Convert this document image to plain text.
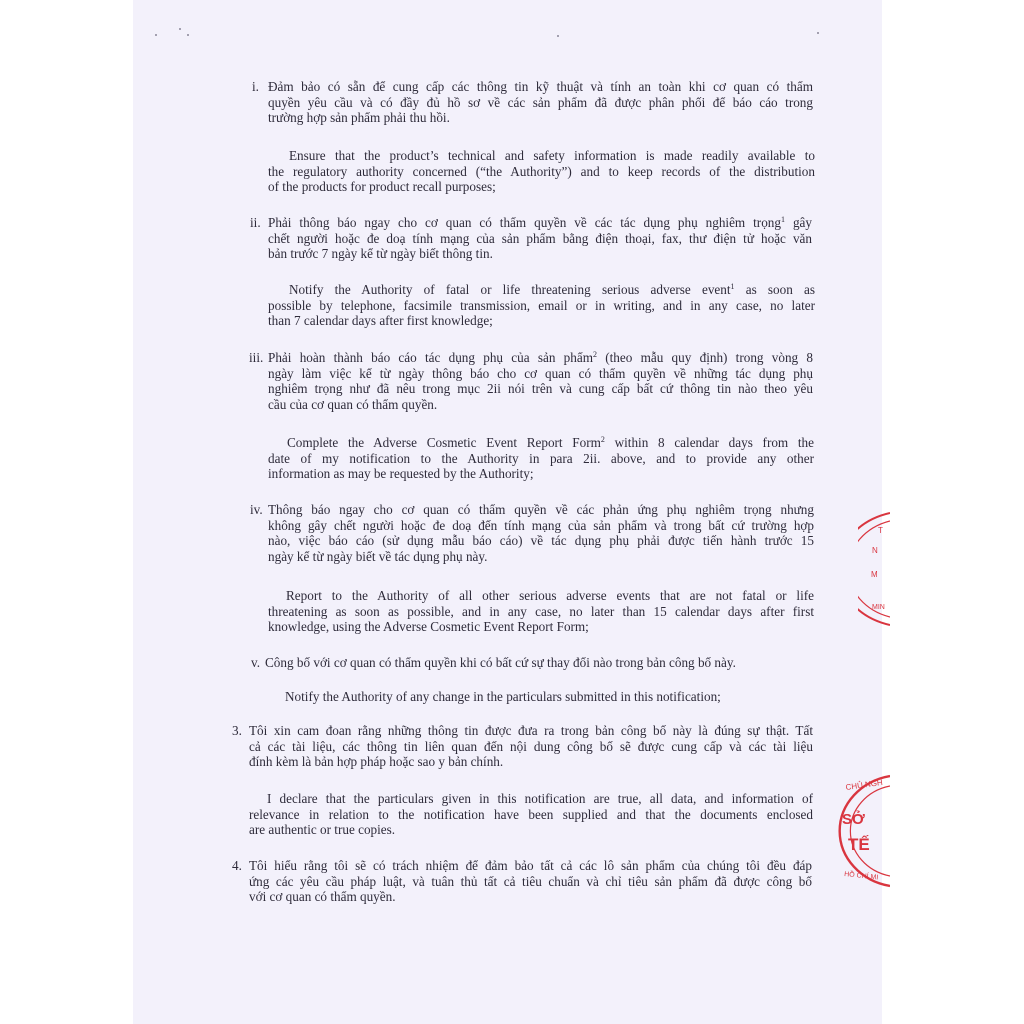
i. Đảm bảo có sẵn để cung cấp các thông tin kỹ thuật và tính an toàn khi cơ quan có thẩm
quyền yêu cầu và có đầy đủ hồ sơ về các sản phẩm đã được phân phối để báo cáo trong
trường hợp sản phẩm phải thu hồi.
Ensure that the product’s technical and safety information is made readily available to
the regulatory authority concerned (“the Authority”) and to keep records of the distribution
of the products for product recall purposes;
ii. Phải thông báo ngay cho cơ quan có thẩm quyền về các tác dụng phụ nghiêm trọng$^1$ gây
chết người hoặc đe doạ tính mạng của sản phẩm bằng điện thoại, fax, thư điện tử hoặc văn
bản trước 7 ngày kể từ ngày biết thông tin.
Notify the Authority of fatal or life threatening serious adverse event$^1$ as soon as
possible by telephone, facsimile transmission, email or in writing, and in any case, no later
than 7 calendar days after first knowledge;
iii. Phải hoàn thành báo cáo tác dụng phụ của sản phẩm$^2$ (theo mẫu quy định) trong vòng 8
ngày làm việc kể từ ngày thông báo cho cơ quan có thẩm quyền về những tác dụng phụ
nghiêm trọng như đã nêu trong mục 2ii nói trên và cung cấp bất cứ thông tin nào theo yêu
cầu của cơ quan có thẩm quyền.
Complete the Adverse Cosmetic Event Report Form$^2$ within 8 calendar days from the
date of my notification to the Authority in para 2ii. above, and to provide any other
information as may be requested by the Authority;
iv. Thông báo ngay cho cơ quan có thẩm quyền về các phản ứng phụ nghiêm trọng nhưng
không gây chết người hoặc đe doạ đến tính mạng của sản phẩm và trong bất cứ trường hợp
nào, việc báo cáo (sử dụng mẫu báo cáo) về tác dụng phụ phải được tiến hành trước 15
ngày kể từ ngày biết về tác dụng phụ này.
Report to the Authority of all other serious adverse events that are not fatal or life
threatening as soon as possible, and in any case, no later than 15 calendar days after first
knowledge, using the Adverse Cosmetic Event Report Form;
v. Công bố với cơ quan có thẩm quyền khi có bất cứ sự thay đổi nào trong bản công bố này.
Notify the Authority of any change in the particulars submitted in this notification;
3. Tôi xin cam đoan rằng những thông tin được đưa ra trong bản công bố này là đúng sự thật. Tất
cả các tài liệu, các thông tin liên quan đến nội dung công bố sẽ được cung cấp và các tài liệu
đính kèm là bản hợp pháp hoặc sao y bản chính.
I declare that the particulars given in this notification are true, all data, and information of
relevance in relation to the notification have been supplied and that the documents enclosed
are authentic or true copies.
4. Tôi hiểu rằng tôi sẽ có trách nhiệm để đảm bảo tất cả các lô sản phẩm của chúng tôi đều đáp
ứng các yêu cầu pháp luật, và tuân thủ tất cả tiêu chuẩn và chỉ tiêu sản phẩm đã được công bố
với cơ quan có thẩm quyền.
T
N
M
MIN
CHỦ NGH
SỞ
TẾ
HỒ CHÍ MI
